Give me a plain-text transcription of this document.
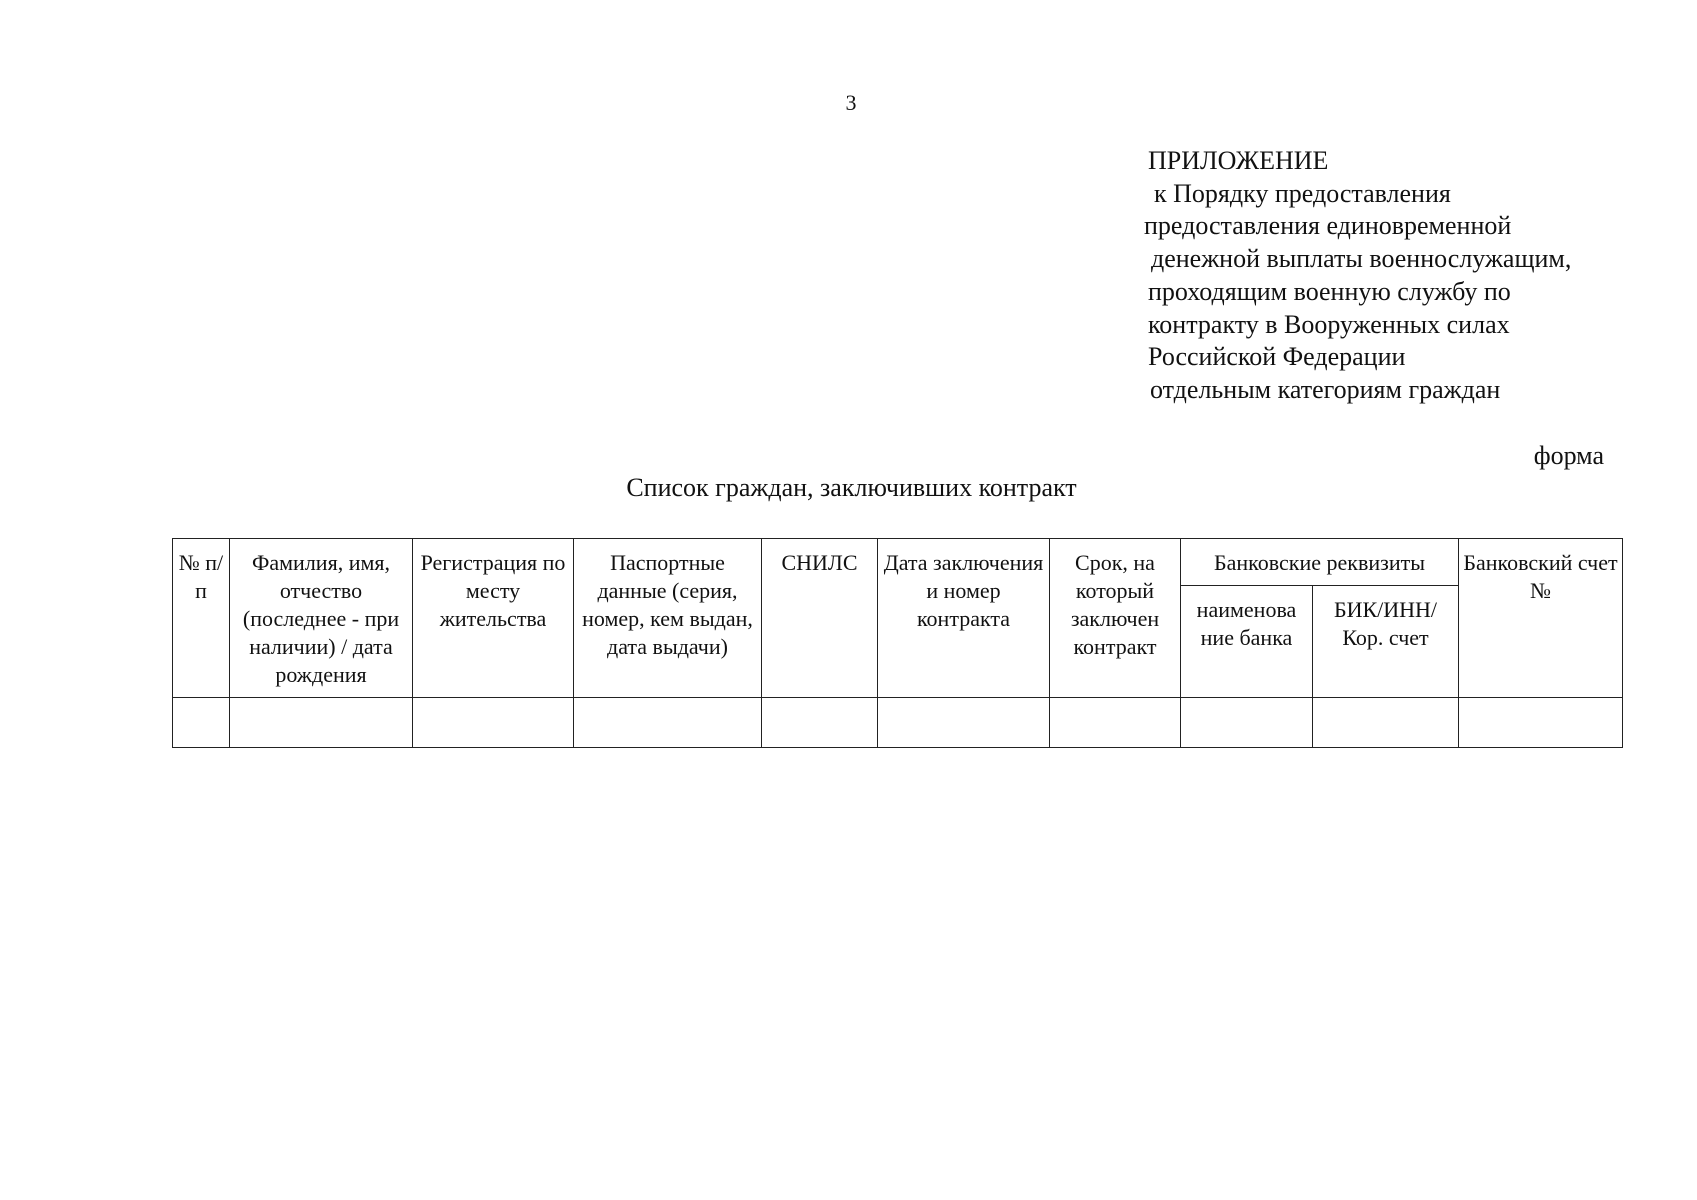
3
ПРИЛОЖЕНИЕ
к Порядку предоставления
предоставления единовременной
денежной выплаты военнослужащим,
проходящим военную службу по
контракту в Вооруженных силах
Российской Федерации
отдельным категориям граждан
форма
Список граждан, заключивших контракт
№ п/п	Фамилия, имя, отчество (последнее - при наличии) / дата рождения	Регистрация по месту жительства	Паспортные данные (серия, номер, кем выдан, дата выдачи)	СНИЛС	Дата заключения и номер контракта	Срок, на который заключен контракт	Банковские реквизиты		Банковский счет №
							наименова ние банка	БИК/ИНН/ Кор. счет	
